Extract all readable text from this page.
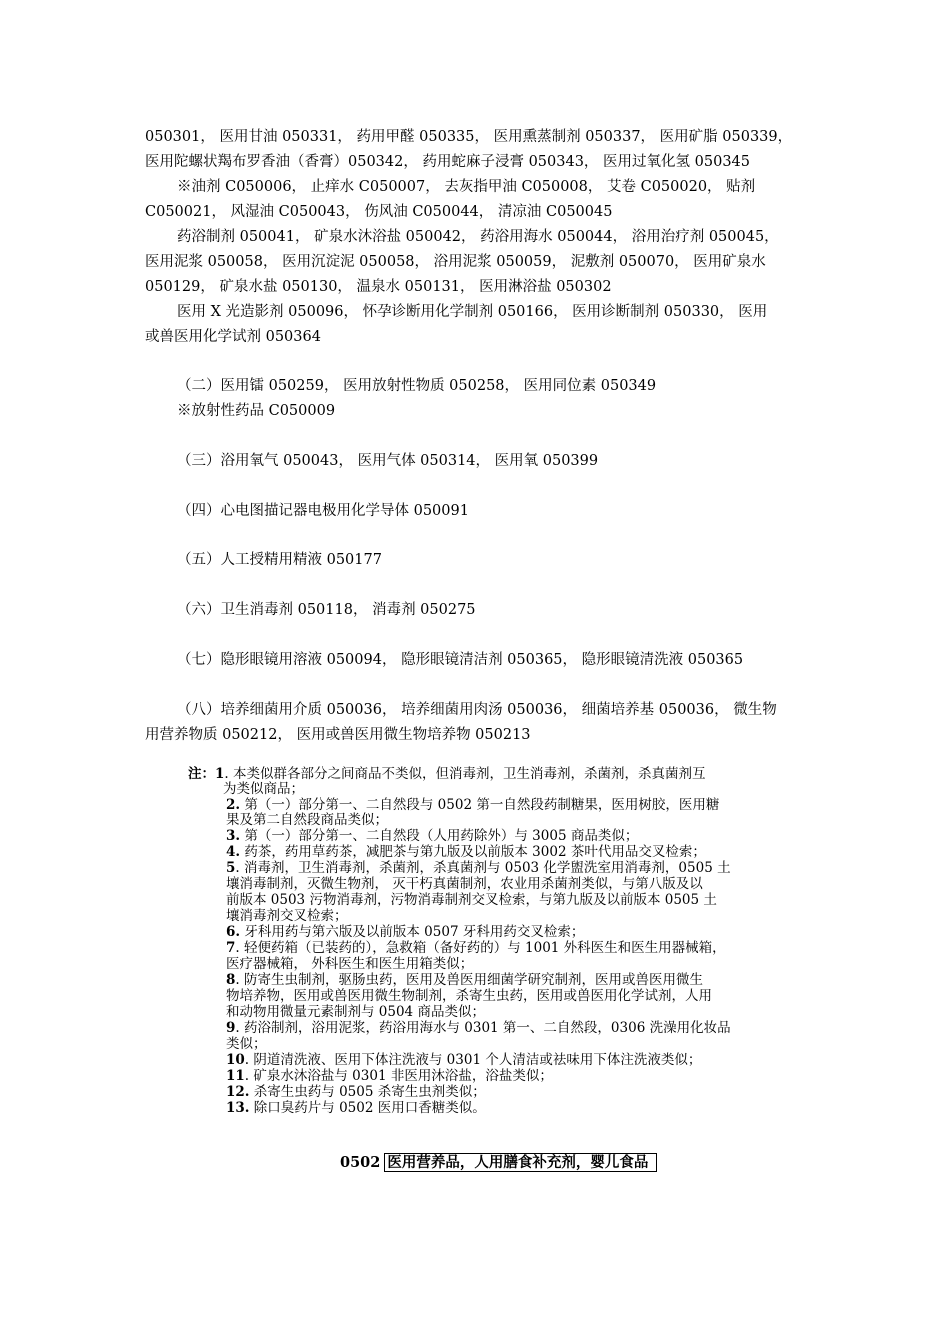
050301， 医用甘油 050331， 药用甲醛 050335， 医用熏蒸制剂 050337， 医用矿脂 050339，
医用陀螺状羯布罗香油（香膏）050342， 药用蛇麻子浸膏 050343， 医用过氧化氢 050345
※油剂 C050006， 止痒水 C050007， 去灰指甲油 C050008， 艾卷 C050020， 贴剂
C050021， 风湿油 C050043， 伤风油 C050044， 清凉油 C050045
药浴制剂 050041， 矿泉水沐浴盐 050042， 药浴用海水 050044， 浴用治疗剂 050045，
医用泥浆 050058， 医用沉淀泥 050058， 浴用泥浆 050059， 泥敷剂 050070， 医用矿泉水
050129， 矿泉水盐 050130， 温泉水 050131， 医用淋浴盐 050302
医用 X 光造影剂 050096， 怀孕诊断用化学制剂 050166， 医用诊断制剂 050330， 医用
或兽医用化学试剂 050364
（二）医用镭 050259， 医用放射性物质 050258， 医用同位素 050349
※放射性药品 C050009
（三）浴用氧气 050043， 医用气体 050314， 医用氧 050399
（四）心电图描记器电极用化学导体 050091
（五）人工授精用精液 050177
（六）卫生消毒剂 050118， 消毒剂 050275
（七）隐形眼镜用溶液 050094， 隐形眼镜清洁剂 050365， 隐形眼镜清洗液 050365
（八）培养细菌用介质 050036， 培养细菌用肉汤 050036， 细菌培养基 050036， 微生物
用营养物质 050212， 医用或兽医用微生物培养物 050213
注：1. 本类似群各部分之间商品不类似，但消毒剂，卫生消毒剂，杀菌剂，杀真菌剂互
为类似商品；
2. 第（一）部分第一、二自然段与 0502 第一自然段药制糖果，医用树胶，医用糖
果及第二自然段商品类似；
3. 第（一）部分第一、二自然段（人用药除外）与 3005 商品类似；
4. 药茶，药用草药茶，减肥茶与第九版及以前版本 3002 茶叶代用品交叉检索；
5. 消毒剂，卫生消毒剂，杀菌剂，杀真菌剂与 0503 化学盥洗室用消毒剂，0505 土
壤消毒制剂，灭微生物剂， 灭干朽真菌制剂，农业用杀菌剂类似，与第八版及以
前版本 0503 污物消毒剂，污物消毒制剂交叉检索，与第九版及以前版本 0505 土
壤消毒剂交叉检索；
6. 牙科用药与第六版及以前版本 0507 牙科用药交叉检索；
7. 轻便药箱（已装药的），急救箱（备好药的）与 1001 外科医生和医生用器械箱，
医疗器械箱， 外科医生和医生用箱类似；
8. 防寄生虫制剂，驱肠虫药，医用及兽医用细菌学研究制剂，医用或兽医用微生
物培养物，医用或兽医用微生物制剂，杀寄生虫药，医用或兽医用化学试剂，人用
和动物用微量元素制剂与 0504 商品类似；
9. 药浴制剂，浴用泥浆，药浴用海水与 0301 第一、二自然段，0306 洗澡用化妆品
类似；
10. 阴道清洗液、医用下体注洗液与 0301 个人清洁或祛味用下体注洗液类似；
11. 矿泉水沐浴盐与 0301 非医用沐浴盐，浴盐类似；
12. 杀寄生虫药与 0505 杀寄生虫剂类似；
13. 除口臭药片与 0502 医用口香糖类似。
0502 医用营养品，人用膳食补充剂，婴儿食品
